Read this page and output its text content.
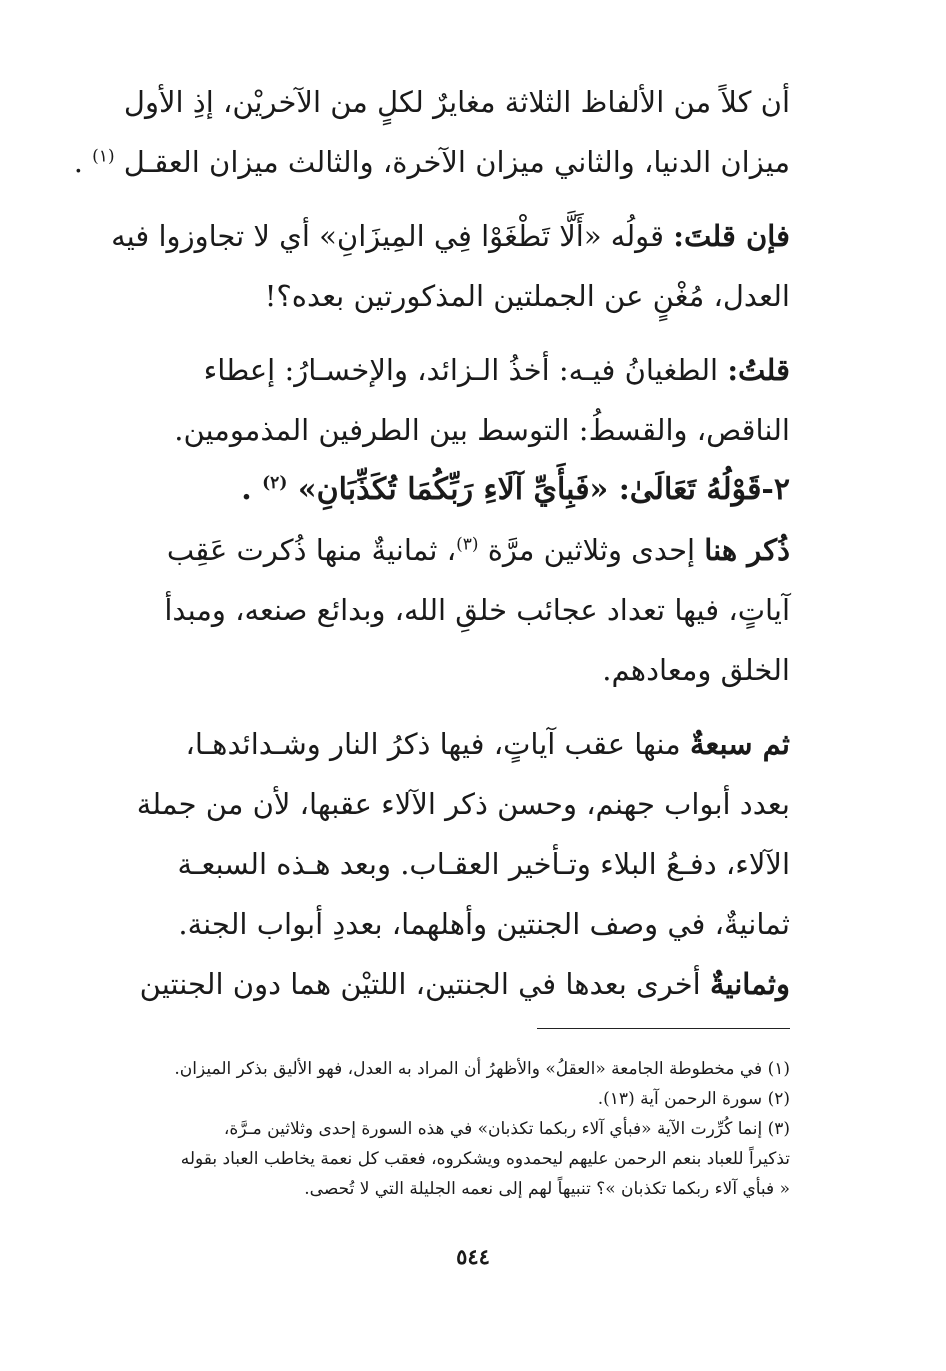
أن كلاً من الألفاظ الثلاثة مغايرٌ لكلٍ من الآخريْن، إذِ الأول
ميزان الدنيا، والثاني ميزان الآخرة، والثالث ميزان العقـل $^{(١)}$ .
فإن قلتَ: قولُه «أَلَّا تَطْغَوْا فِي المِيزَانِ» أي لا تجاوزوا فيه
العدل، مُغْنٍ عن الجملتين المذكورتين بعده؟!
قلتُ: الطغيانُ فيـه: أخذُ الـزائد، والإخسـارُ: إعطاء
الناقص، والقسطُ: التوسط بين الطرفين المذمومين.
٢-قَوْلُهُ تَعَالَىٰ: «فَبِأَيِّ آلَاءِ رَبِّكُمَا تُكَذِّبَانِ» $^{(٢)}$ .
ذُكر هنا إحدى وثلاثين مرَّة $^{(٣)}$، ثمانيةٌ منها ذُكرت عَقِب
آياتٍ، فيها تعداد عجائب خلقِ الله، وبدائع صنعه، ومبدأ
الخلق ومعادهم.
ثم سبعةٌ منها عقب آياتٍ، فيها ذكرُ النار وشـدائدهـا،
بعدد أبواب جهنم، وحسن ذكر الآلاء عقبها، لأن من جملة
الآلاء، دفـعُ البلاء وتـأخير العقـاب. وبعد هـذه السبعـة
ثمانيةٌ، في وصف الجنتين وأهلهما، بعددِ أبواب الجنة.
وثمانيةٌ أخرى بعدها في الجنتين، اللتيْن هما دون الجنتين
(١) في مخطوطة الجامعة «العقلُ» والأظهرُ أن المراد به العدل، فهو الأليق بذكر الميزان.
(٢) سورة الرحمن آية (١٣).
(٣) إنما كُرِّرت الآية «فبأي آلاء ربكما تكذبان» في هذه السورة إحدى وثلاثين مـرَّة،
تذكيراً للعباد بنعم الرحمن عليهم ليحمدوه ويشكروه، فعقب كل نعمة يخاطب العباد بقوله
« فبأي آلاء ربكما تكذبان »؟ تنبيهاً لهم إلى نعمه الجليلة التي لا تُحصى.
٥٤٤
